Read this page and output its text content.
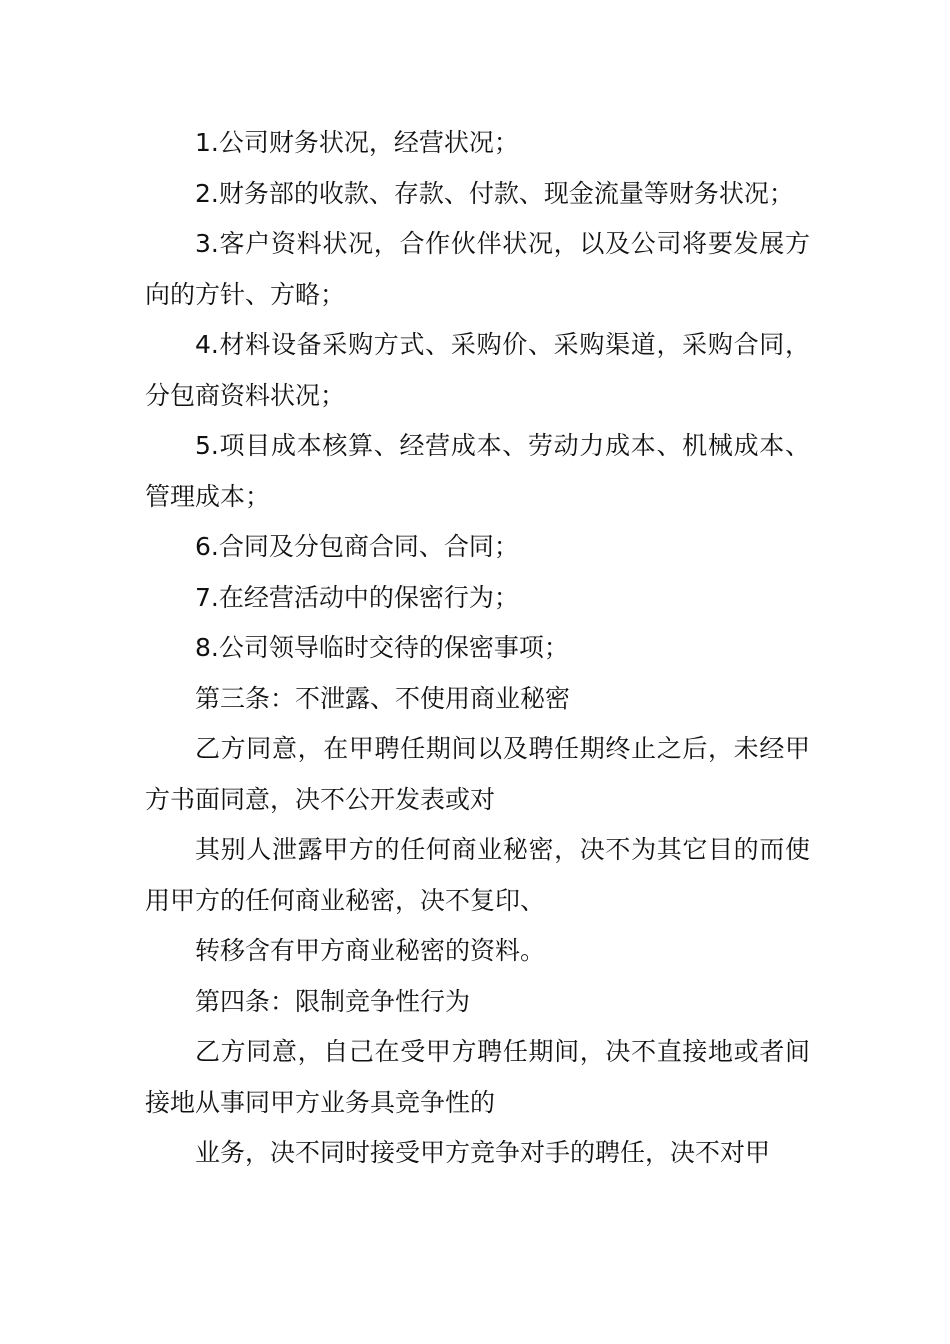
1.公司财务状况，经营状况；

2.财务部的收款、存款、付款、现金流量等财务状况；

3.客户资料状况，合作伙伴状况，以及公司将要发展方向的方针、方略；

4.材料设备采购方式、采购价、采购渠道，采购合同，分包商资料状况；

5.项目成本核算、经营成本、劳动力成本、机械成本、管理成本；

6.合同及分包商合同、合同；

7.在经营活动中的保密行为；

8.公司领导临时交待的保密事项；

第三条：不泄露、不使用商业秘密

乙方同意，在甲聘任期间以及聘任期终止之后，未经甲方书面同意，决不公开发表或对

其别人泄露甲方的任何商业秘密，决不为其它目的而使用甲方的任何商业秘密，决不复印、

转移含有甲方商业秘密的资料。

第四条：限制竞争性行为

乙方同意，自己在受甲方聘任期间，决不直接地或者间接地从事同甲方业务具竞争性的

业务，决不同时接受甲方竞争对手的聘任，决不对甲
